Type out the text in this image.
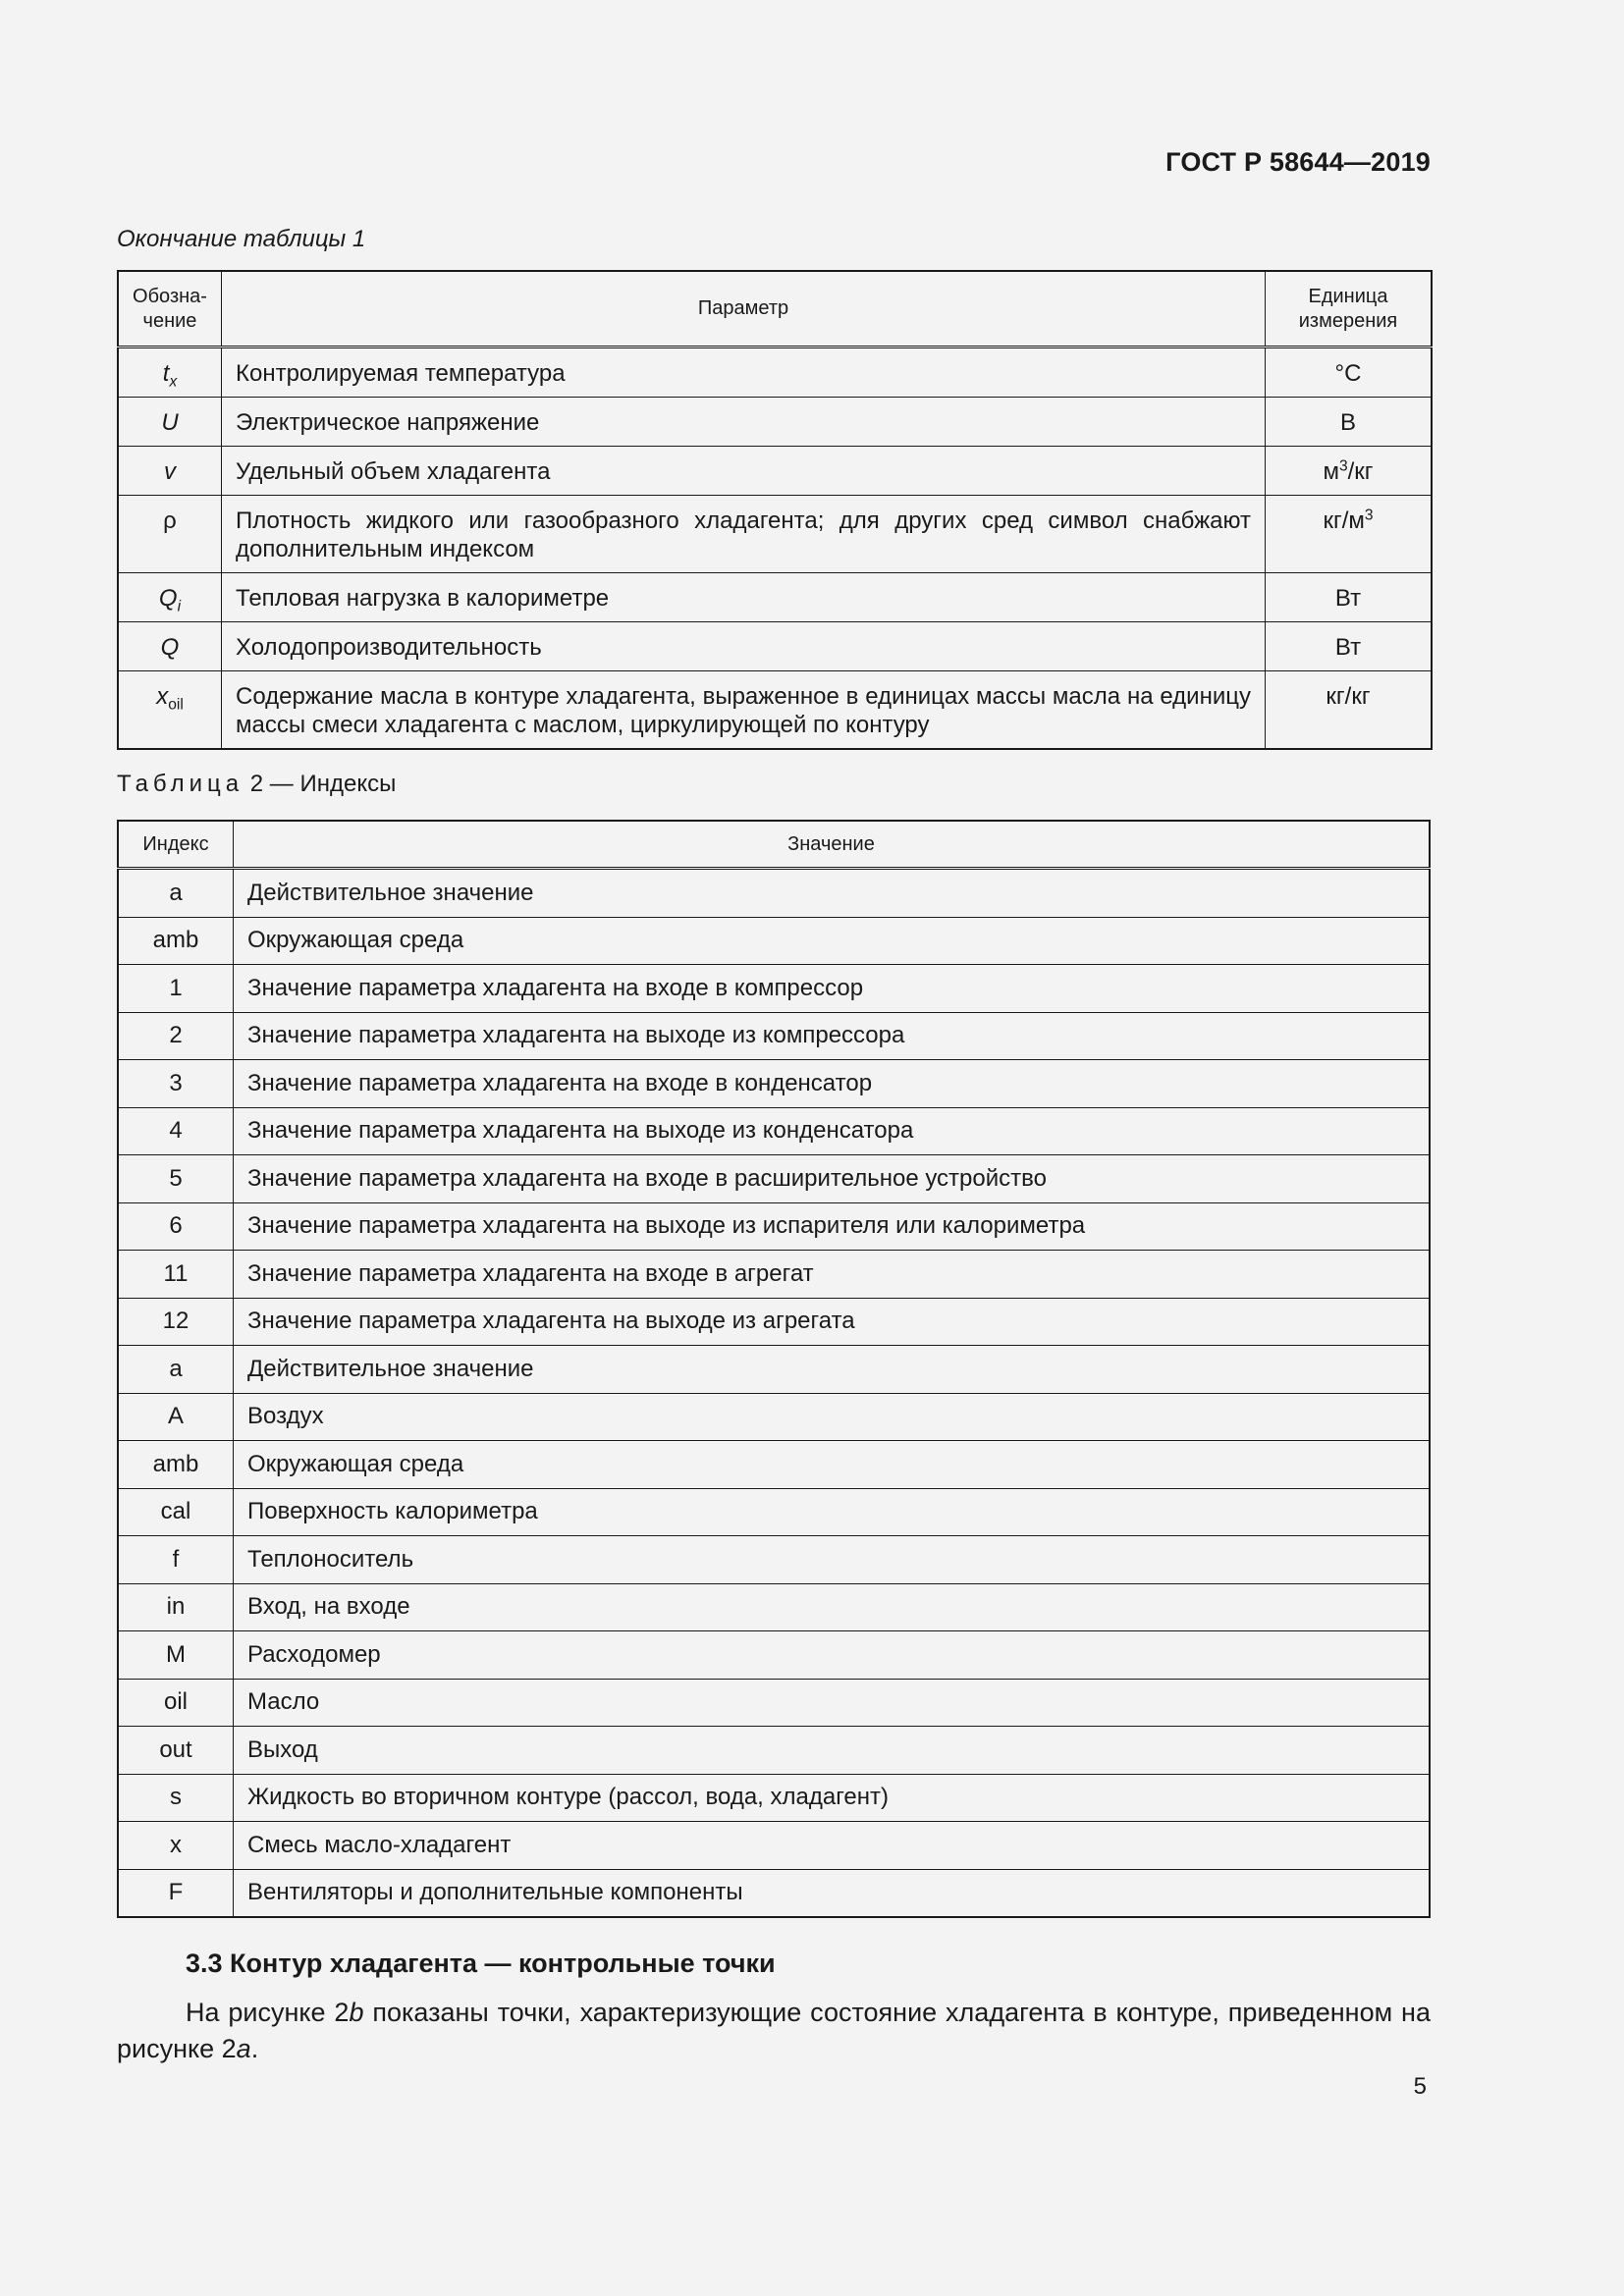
ГОСТ Р 58644—2019
Окончание таблицы 1
Обозна-
чение	Параметр	Единица
измерения
$t_x$	Контролируемая температура	°C
U	Электрическое напряжение	В
v	Удельный объем хладагента	$м^3/кг$
ρ	Плотность жидкого или газообразного хладагента; для других сред символ снабжают дополнительным индексом	$кг/м^3$
$Q_i$	Тепловая нагрузка в калориметре	Вт
Q	Холодопроизводительность	Вт
$x_{oil}$	Содержание масла в контуре хладагента, выраженное в единицах массы масла на единицу массы смеси хладагента с маслом, циркулирующей по контуру	кг/кг
Таблица 2 — Индексы
Индекс	Значение
a	Действительное значение
amb	Окружающая среда
1	Значение параметра хладагента на входе в компрессор
2	Значение параметра хладагента на выходе из компрессора
3	Значение параметра хладагента на входе в конденсатор
4	Значение параметра хладагента на выходе из конденсатора
5	Значение параметра хладагента на входе в расширительное устройство
6	Значение параметра хладагента на выходе из испарителя или калориметра
11	Значение параметра хладагента на входе в агрегат
12	Значение параметра хладагента на выходе из агрегата
a	Действительное значение
A	Воздух
amb	Окружающая среда
cal	Поверхность калориметра
f	Теплоноситель
in	Вход, на входе
M	Расходомер
oil	Масло
out	Выход
s	Жидкость во вторичном контуре (рассол, вода, хладагент)
x	Смесь масло-хладагент
F	Вентиляторы и дополнительные компоненты
3.3 Контур хладагента — контрольные точки
На рисунке 2b показаны точки, характеризующие состояние хладагента в контуре, приведенном на рисунке 2а.
5
